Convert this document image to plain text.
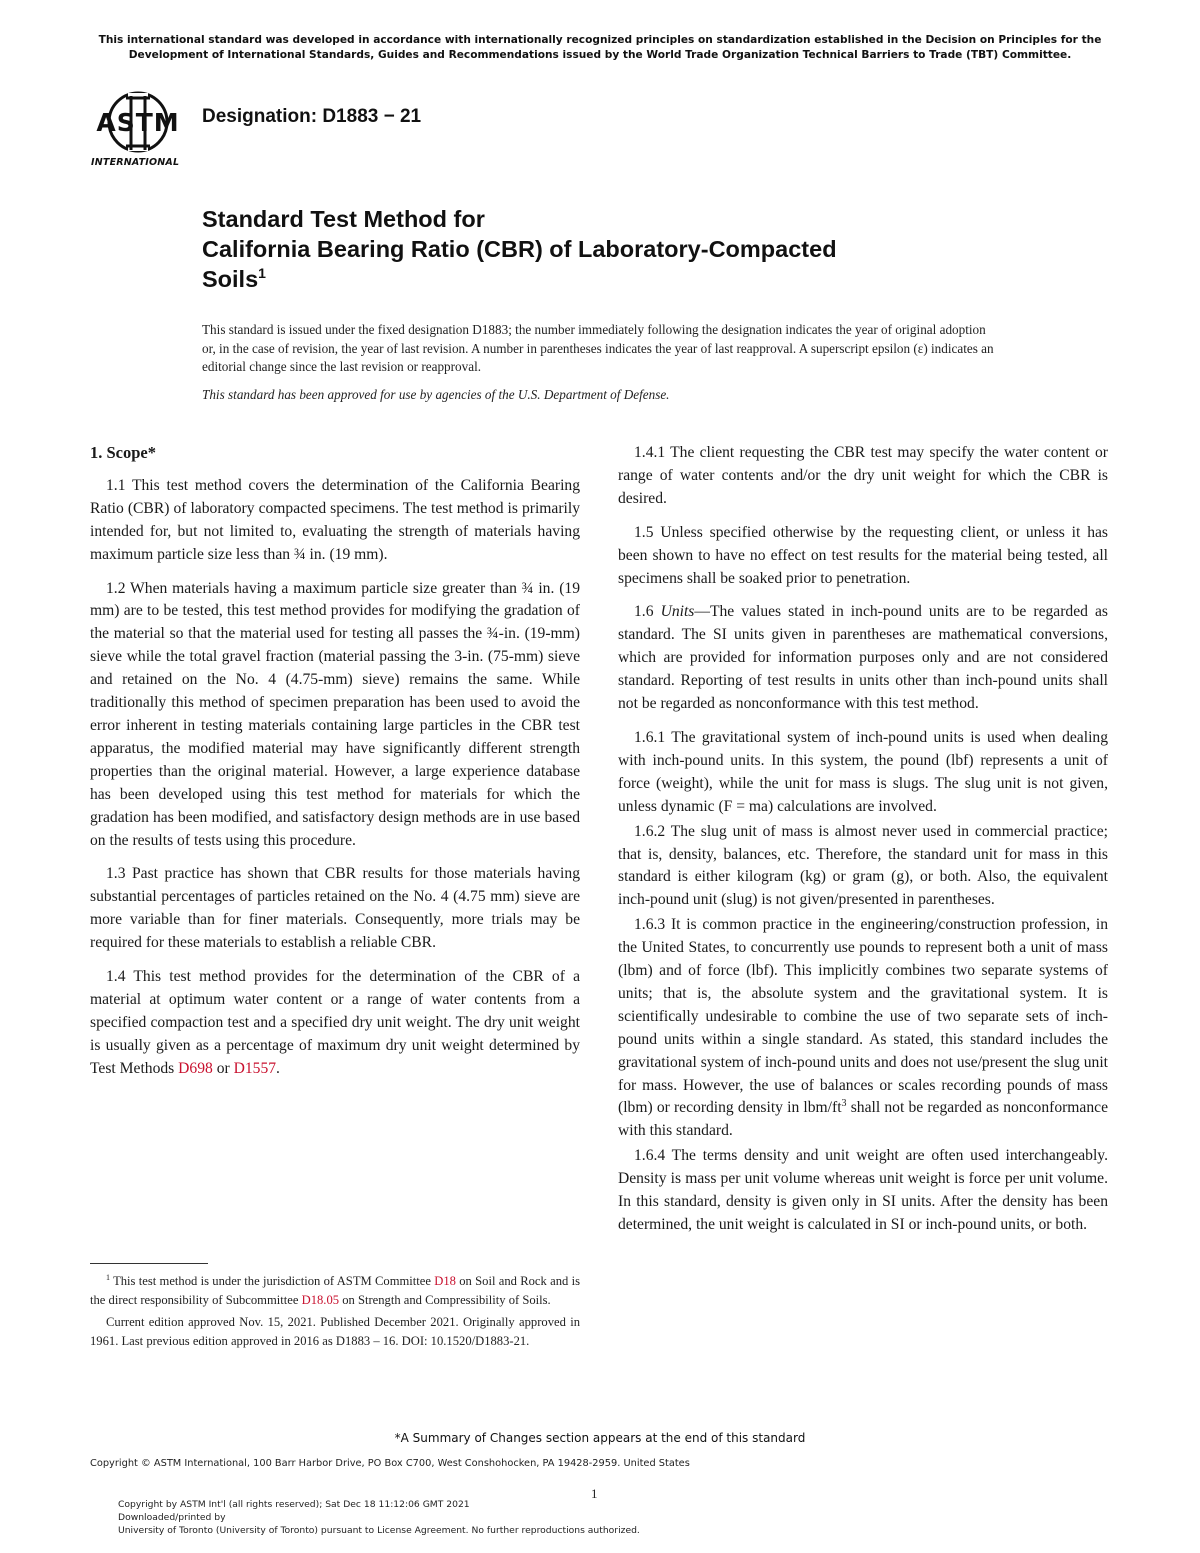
This international standard was developed in accordance with internationally recognized principles on standardization established in the Decision on Principles for the Development of International Standards, Guides and Recommendations issued by the World Trade Organization Technical Barriers to Trade (TBT) Committee.
ASTM
INTERNATIONAL
Designation: D1883 − 21
Standard Test Method for
California Bearing Ratio (CBR) of Laboratory-Compacted
Soils$^1$
This standard is issued under the fixed designation D1883; the number immediately following the designation indicates the year of original adoption or, in the case of revision, the year of last revision. A number in parentheses indicates the year of last reapproval. A superscript epsilon (ε) indicates an editorial change since the last revision or reapproval.
This standard has been approved for use by agencies of the U.S. Department of Defense.
1. Scope*

1.1 This test method covers the determination of the California Bearing Ratio (CBR) of laboratory compacted specimens. The test method is primarily intended for, but not limited to, evaluating the strength of materials having maximum particle size less than ¾ in. (19 mm).

1.2 When materials having a maximum particle size greater than ¾ in. (19 mm) are to be tested, this test method provides for modifying the gradation of the material so that the material used for testing all passes the ¾-in. (19-mm) sieve while the total gravel fraction (material passing the 3-in. (75-mm) sieve and retained on the No. 4 (4.75-mm) sieve) remains the same. While traditionally this method of specimen preparation has been used to avoid the error inherent in testing materials containing large particles in the CBR test apparatus, the modified material may have significantly different strength properties than the original material. However, a large experience database has been developed using this test method for materials for which the gradation has been modified, and satisfactory design methods are in use based on the results of tests using this procedure.

1.3 Past practice has shown that CBR results for those materials having substantial percentages of particles retained on the No. 4 (4.75 mm) sieve are more variable than for finer materials. Consequently, more trials may be required for these materials to establish a reliable CBR.

1.4 This test method provides for the determination of the CBR of a material at optimum water content or a range of water contents from a specified compaction test and a specified dry unit weight. The dry unit weight is usually given as a percentage of maximum dry unit weight determined by Test Methods D698 or D1557.

1.4.1 The client requesting the CBR test may specify the water content or range of water contents and/or the dry unit weight for which the CBR is desired.

1.5 Unless specified otherwise by the requesting client, or unless it has been shown to have no effect on test results for the material being tested, all specimens shall be soaked prior to penetration.

1.6 Units—The values stated in inch-pound units are to be regarded as standard. The SI units given in parentheses are mathematical conversions, which are provided for information purposes only and are not considered standard. Reporting of test results in units other than inch-pound units shall not be regarded as nonconformance with this test method.

1.6.1 The gravitational system of inch-pound units is used when dealing with inch-pound units. In this system, the pound (lbf) represents a unit of force (weight), while the unit for mass is slugs. The slug unit is not given, unless dynamic (F = ma) calculations are involved.

1.6.2 The slug unit of mass is almost never used in commercial practice; that is, density, balances, etc. Therefore, the standard unit for mass in this standard is either kilogram (kg) or gram (g), or both. Also, the equivalent inch-pound unit (slug) is not given/presented in parentheses.

1.6.3 It is common practice in the engineering/construction profession, in the United States, to concurrently use pounds to represent both a unit of mass (lbm) and of force (lbf). This implicitly combines two separate systems of units; that is, the absolute system and the gravitational system. It is scientifically undesirable to combine the use of two separate sets of inch-pound units within a single standard. As stated, this standard includes the gravitational system of inch-pound units and does not use/present the slug unit for mass. However, the use of balances or scales recording pounds of mass (lbm) or recording density in lbm/$ft^3$ shall not be regarded as nonconformance with this standard.

1.6.4 The terms density and unit weight are often used interchangeably. Density is mass per unit volume whereas unit weight is force per unit volume. In this standard, density is given only in SI units. After the density has been determined, the unit weight is calculated in SI or inch-pound units, or both.

$^1$ This test method is under the jurisdiction of ASTM Committee D18 on Soil and Rock and is the direct responsibility of Subcommittee D18.05 on Strength and Compressibility of Soils.

Current edition approved Nov. 15, 2021. Published December 2021. Originally approved in 1961. Last previous edition approved in 2016 as D1883 – 16. DOI: 10.1520/D1883-21.

*A Summary of Changes section appears at the end of this standard
Copyright © ASTM International, 100 Barr Harbor Drive, PO Box C700, West Conshohocken, PA 19428-2959. United States
1
Copyright by ASTM Int'l (all rights reserved); Sat Dec 18 11:12:06 GMT 2021
Downloaded/printed by
University of Toronto (University of Toronto) pursuant to License Agreement. No further reproductions authorized.
